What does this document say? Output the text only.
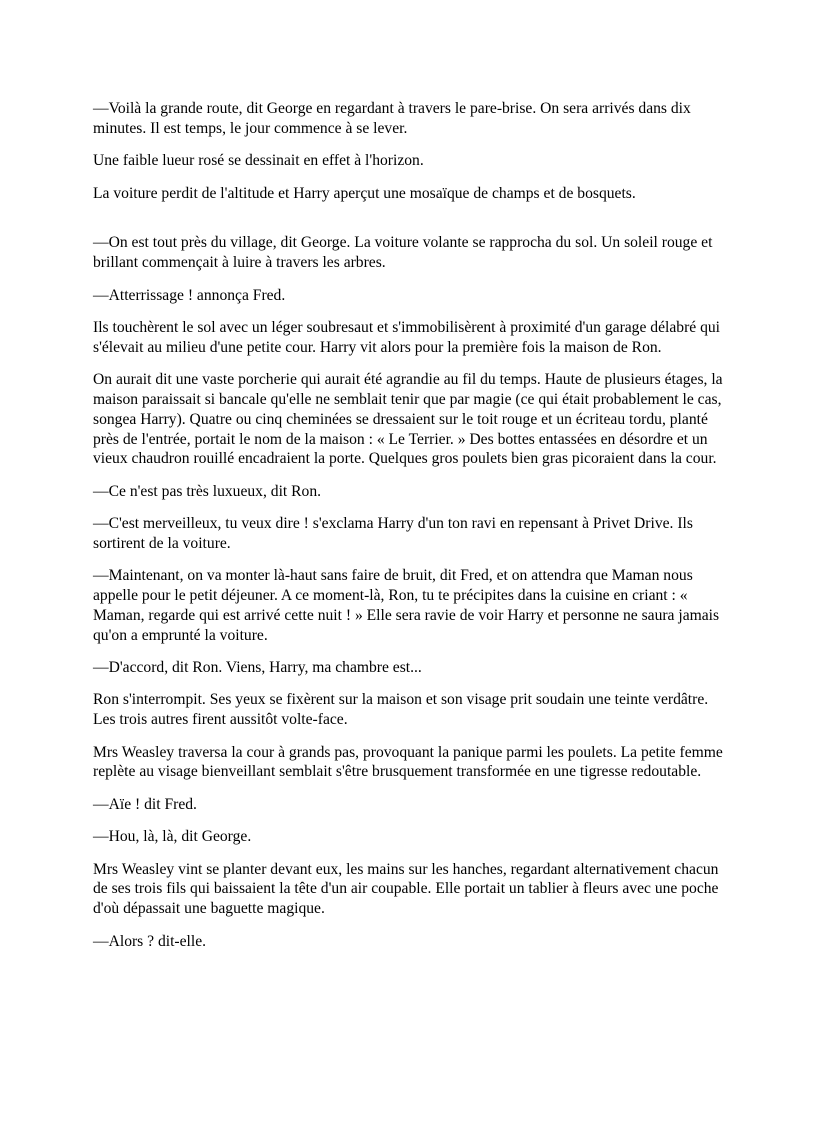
—Voilà la grande route, dit George en regardant à travers le pare-brise. On sera arrivés dans dix minutes. Il est temps, le jour commence à se lever.

Une faible lueur rosé se dessinait en effet à l'horizon.

La voiture perdit de l'altitude et Harry aperçut une mosaïque de champs et de bosquets.

—On est tout près du village, dit George. La voiture volante se rapprocha du sol. Un soleil rouge et brillant commençait à luire à travers les arbres.

—Atterrissage ! annonça Fred.

Ils touchèrent le sol avec un léger soubresaut et s'immobilisèrent à proximité d'un garage délabré qui s'élevait au milieu d'une petite cour. Harry vit alors pour la première fois la maison de Ron.

On aurait dit une vaste porcherie qui aurait été agrandie au fil du temps. Haute de plusieurs étages, la maison paraissait si bancale qu'elle ne semblait tenir que par magie (ce qui était probablement le cas, songea Harry). Quatre ou cinq cheminées se dressaient sur le toit rouge et un écriteau tordu, planté près de l'entrée, portait le nom de la maison : « Le Terrier. » Des bottes entassées en désordre et un vieux chaudron rouillé encadraient la porte. Quelques gros poulets bien gras picoraient dans la cour.

—Ce n'est pas très luxueux, dit Ron.

—C'est merveilleux, tu veux dire ! s'exclama Harry d'un ton ravi en repensant à Privet Drive. Ils sortirent de la voiture.

—Maintenant, on va monter là-haut sans faire de bruit, dit Fred, et on attendra que Maman nous appelle pour le petit déjeuner. A ce moment-là, Ron, tu te précipites dans la cuisine en criant : « Maman, regarde qui est arrivé cette nuit ! » Elle sera ravie de voir Harry et personne ne saura jamais qu'on a emprunté la voiture.

—D'accord, dit Ron. Viens, Harry, ma chambre est...

Ron s'interrompit. Ses yeux se fixèrent sur la maison et son visage prit soudain une teinte verdâtre. Les trois autres firent aussitôt volte-face.

Mrs Weasley traversa la cour à grands pas, provoquant la panique parmi les poulets. La petite femme replète au visage bienveillant semblait s'être brusquement transformée en une tigresse redoutable.

—Aïe ! dit Fred.

—Hou, là, là, dit George.

Mrs Weasley vint se planter devant eux, les mains sur les hanches, regardant alternativement chacun de ses trois fils qui baissaient la tête d'un air coupable. Elle portait un tablier à fleurs avec une poche d'où dépassait une baguette magique.

—Alors ? dit-elle.
